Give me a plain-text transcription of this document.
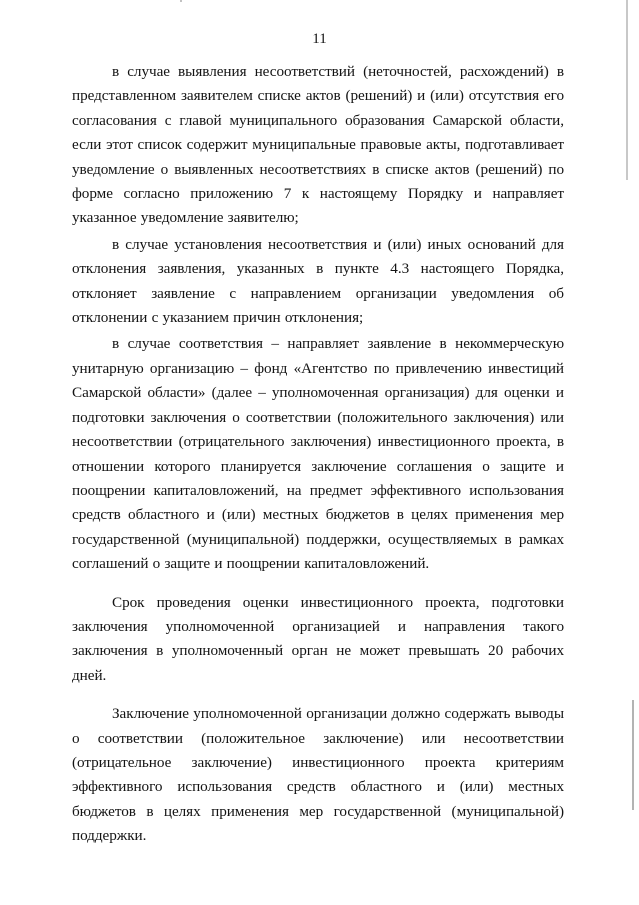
11

в случае выявления несоответствий (неточностей, расхождений) в представленном заявителем списке актов (решений) и (или) отсутствия его согласования с главой муниципального образования Самарской области, если этот список содержит муниципальные правовые акты, подготавливает уведомление о выявленных несоответствиях в списке актов (решений) по форме согласно приложению 7 к настоящему Порядку и направляет указанное уведомление заявителю;

в случае установления несоответствия и (или) иных оснований для отклонения заявления, указанных в пункте 4.3 настоящего Порядка, отклоняет заявление с направлением организации уведомления об отклонении с указанием причин отклонения;

в случае соответствия – направляет заявление в некоммерческую унитарную организацию – фонд «Агентство по привлечению инвестиций Самарской области» (далее – уполномоченная организация) для оценки и подготовки заключения о соответствии (положительного заключения) или несоответствии (отрицательного заключения) инвестиционного проекта, в отношении которого планируется заключение соглашения о защите и поощрении капиталовложений, на предмет эффективного использования средств областного и (или) местных бюджетов в целях применения мер государственной (муниципальной) поддержки, осуществляемых в рамках соглашений о защите и поощрении капиталовложений.

Срок проведения оценки инвестиционного проекта, подготовки заключения уполномоченной организацией и направления такого заключения в уполномоченный орган не может превышать 20 рабочих дней.

Заключение уполномоченной организации должно содержать выводы о соответствии (положительное заключение) или несоответствии (отрицательное заключение) инвестиционного проекта критериям эффективного использования средств областного и (или) местных бюджетов в целях применения мер государственной (муниципальной) поддержки.
